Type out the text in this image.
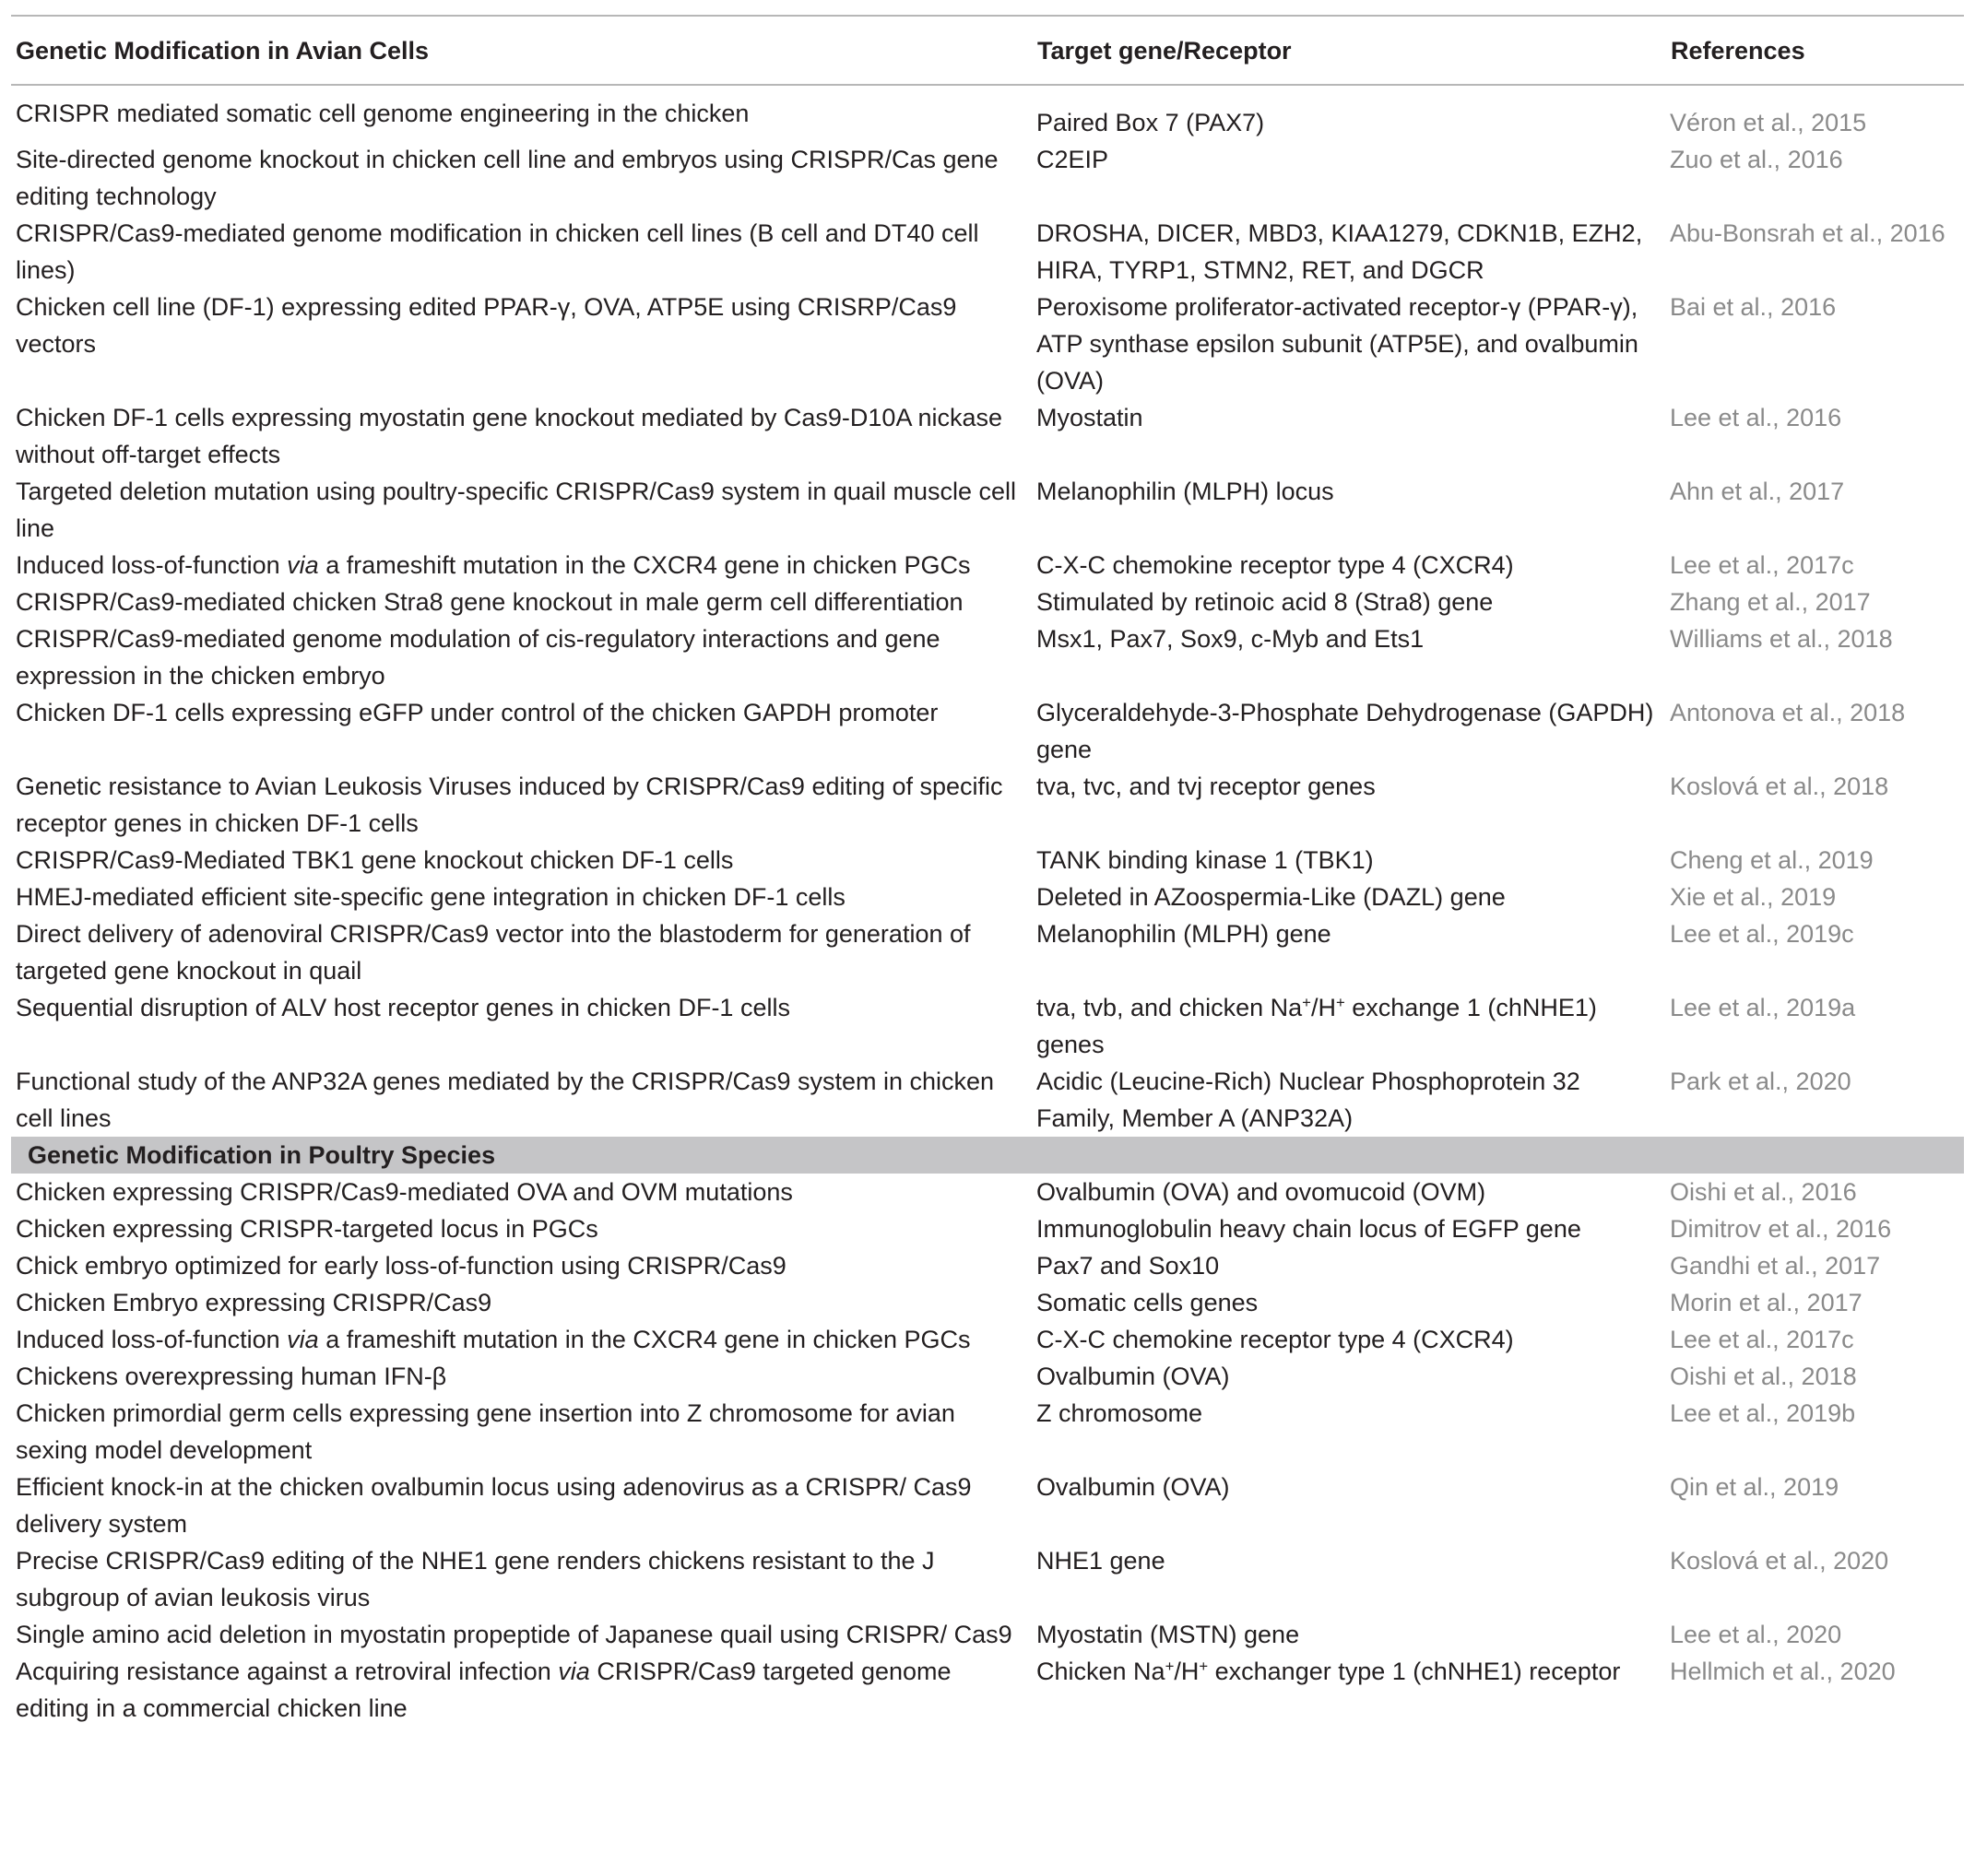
Genetic Modification in Avian Cells	Target gene/Receptor	References
CRISPR mediated somatic cell genome engineering in the chicken	Paired Box 7 (PAX7)	Véron et al., 2015
Site-directed genome knockout in chicken cell line and embryos using CRISPR/Cas gene editing technology	C2EIP	Zuo et al., 2016
CRISPR/Cas9-mediated genome modification in chicken cell lines (B cell and DT40 cell lines)	DROSHA, DICER, MBD3, KIAA1279, CDKN1B, EZH2, HIRA, TYRP1, STMN2, RET, and DGCR	Abu-Bonsrah et al., 2016
Chicken cell line (DF-1) expressing edited PPAR-γ, OVA, ATP5E using CRISRP/Cas9 vectors	Peroxisome proliferator-activated receptor-γ (PPAR-γ), ATP synthase epsilon subunit (ATP5E), and ovalbumin (OVA)	Bai et al., 2016
Chicken DF-1 cells expressing myostatin gene knockout mediated by Cas9-D10A nickase without off-target effects	Myostatin	Lee et al., 2016
Targeted deletion mutation using poultry-specific CRISPR/Cas9 system in quail muscle cell line	Melanophilin (MLPH) locus	Ahn et al., 2017
Induced loss-of-function via a frameshift mutation in the CXCR4 gene in chicken PGCs	C-X-C chemokine receptor type 4 (CXCR4)	Lee et al., 2017c
CRISPR/Cas9-mediated chicken Stra8 gene knockout in male germ cell differentiation	Stimulated by retinoic acid 8 (Stra8) gene	Zhang et al., 2017
CRISPR/Cas9-mediated genome modulation of cis-regulatory interactions and gene expression in the chicken embryo	Msx1, Pax7, Sox9, c-Myb and Ets1	Williams et al., 2018
Chicken DF-1 cells expressing eGFP under control of the chicken GAPDH promoter	Glyceraldehyde-3-Phosphate Dehydrogenase (GAPDH) gene	Antonova et al., 2018
Genetic resistance to Avian Leukosis Viruses induced by CRISPR/Cas9 editing of specific receptor genes in chicken DF-1 cells	tva, tvc, and tvj receptor genes	Koslová et al., 2018
CRISPR/Cas9-Mediated TBK1 gene knockout chicken DF-1 cells	TANK binding kinase 1 (TBK1)	Cheng et al., 2019
HMEJ-mediated efficient site-specific gene integration in chicken DF-1 cells	Deleted in AZoospermia-Like (DAZL) gene	Xie et al., 2019
Direct delivery of adenoviral CRISPR/Cas9 vector into the blastoderm for generation of targeted gene knockout in quail	Melanophilin (MLPH) gene	Lee et al., 2019c
Sequential disruption of ALV host receptor genes in chicken DF-1 cells	tva, tvb, and chicken Na+/H+ exchange 1 (chNHE1) genes	Lee et al., 2019a
Functional study of the ANP32A genes mediated by the CRISPR/Cas9 system in chicken cell lines	Acidic (Leucine-Rich) Nuclear Phosphoprotein 32 Family, Member A (ANP32A)	Park et al., 2020
Genetic Modification in Poultry Species		
Chicken expressing CRISPR/Cas9-mediated OVA and OVM mutations	Ovalbumin (OVA) and ovomucoid (OVM)	Oishi et al., 2016
Chicken expressing CRISPR-targeted locus in PGCs	Immunoglobulin heavy chain locus of EGFP gene	Dimitrov et al., 2016
Chick embryo optimized for early loss-of-function using CRISPR/Cas9	Pax7 and Sox10	Gandhi et al., 2017
Chicken Embryo expressing CRISPR/Cas9	Somatic cells genes	Morin et al., 2017
Induced loss-of-function via a frameshift mutation in the CXCR4 gene in chicken PGCs	C-X-C chemokine receptor type 4 (CXCR4)	Lee et al., 2017c
Chickens overexpressing human IFN-β	Ovalbumin (OVA)	Oishi et al., 2018
Chicken primordial germ cells expressing gene insertion into Z chromosome for avian sexing model development	Z chromosome	Lee et al., 2019b
Efficient knock-in at the chicken ovalbumin locus using adenovirus as a CRISPR/ Cas9 delivery system	Ovalbumin (OVA)	Qin et al., 2019
Precise CRISPR/Cas9 editing of the NHE1 gene renders chickens resistant to the J subgroup of avian leukosis virus	NHE1 gene	Koslová et al., 2020
Single amino acid deletion in myostatin propeptide of Japanese quail using CRISPR/ Cas9	Myostatin (MSTN) gene	Lee et al., 2020
Acquiring resistance against a retroviral infection via CRISPR/Cas9 targeted genome editing in a commercial chicken line	Chicken Na+/H+ exchanger type 1 (chNHE1) receptor	Hellmich et al., 2020
